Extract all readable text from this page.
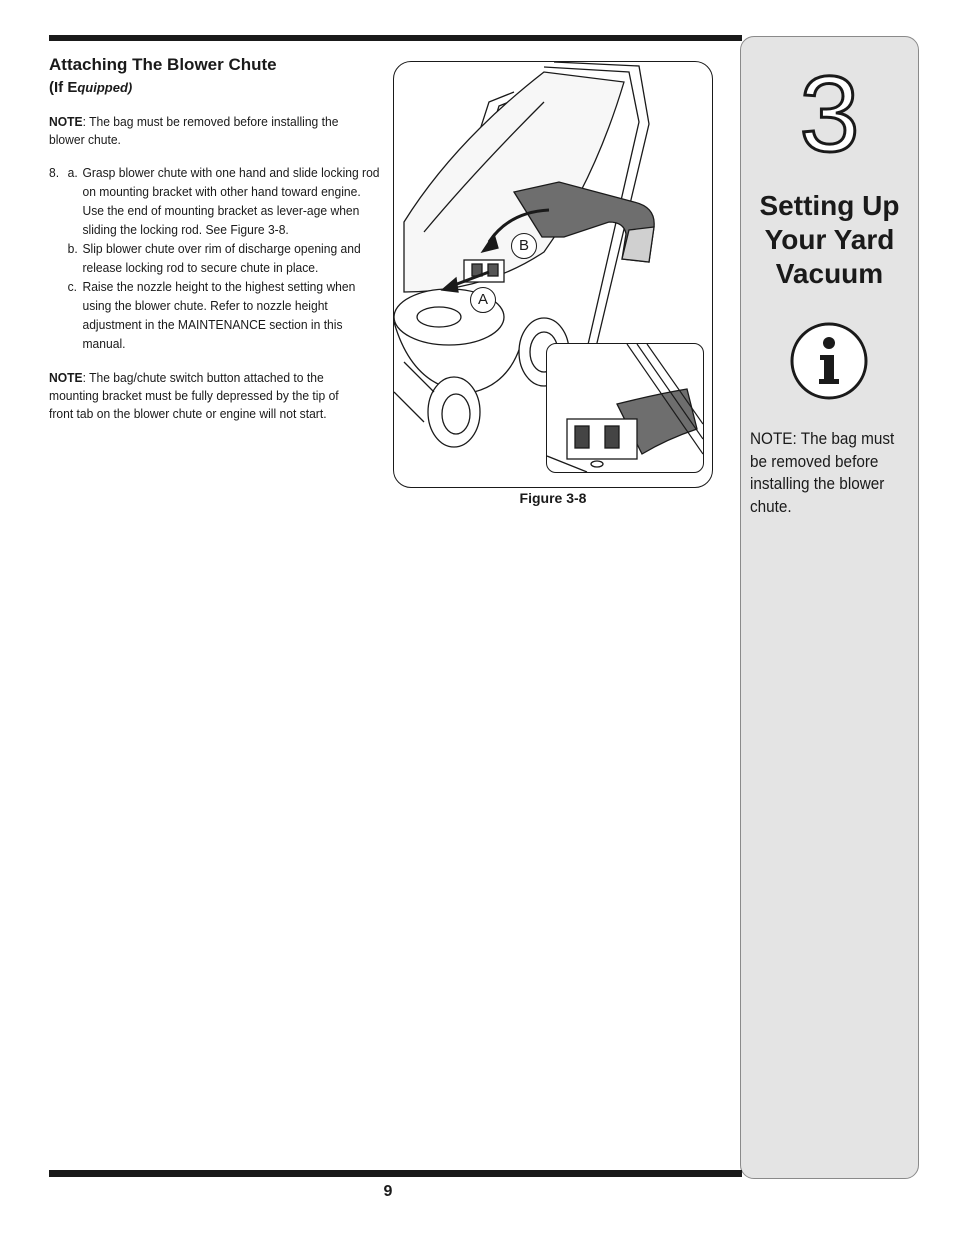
Attaching The Blower Chute

(If Equipped)

NOTE: The bag must be removed before installing the blower chute.

8. a. Grasp blower chute with one hand and slide locking rod on mounting bracket with other hand toward engine. Use the end of mounting bracket as lever-age when sliding the locking rod. See Figure 3-8.
b. Slip blower chute over rim of discharge opening and release locking rod to secure chute in place.
c. Raise the nozzle height to the highest setting when using the blower chute. Refer to nozzle height adjustment in the MAINTENANCE section in this manual.

NOTE: The bag/chute switch button attached to the mounting bracket must be fully depressed by the tip of front tab on the blower chute or engine will not start.

B
A
Figure 3-8
3
Setting Up
Your Yard
Vacuum
NOTE: The bag must be removed before installing the blower chute.
9
